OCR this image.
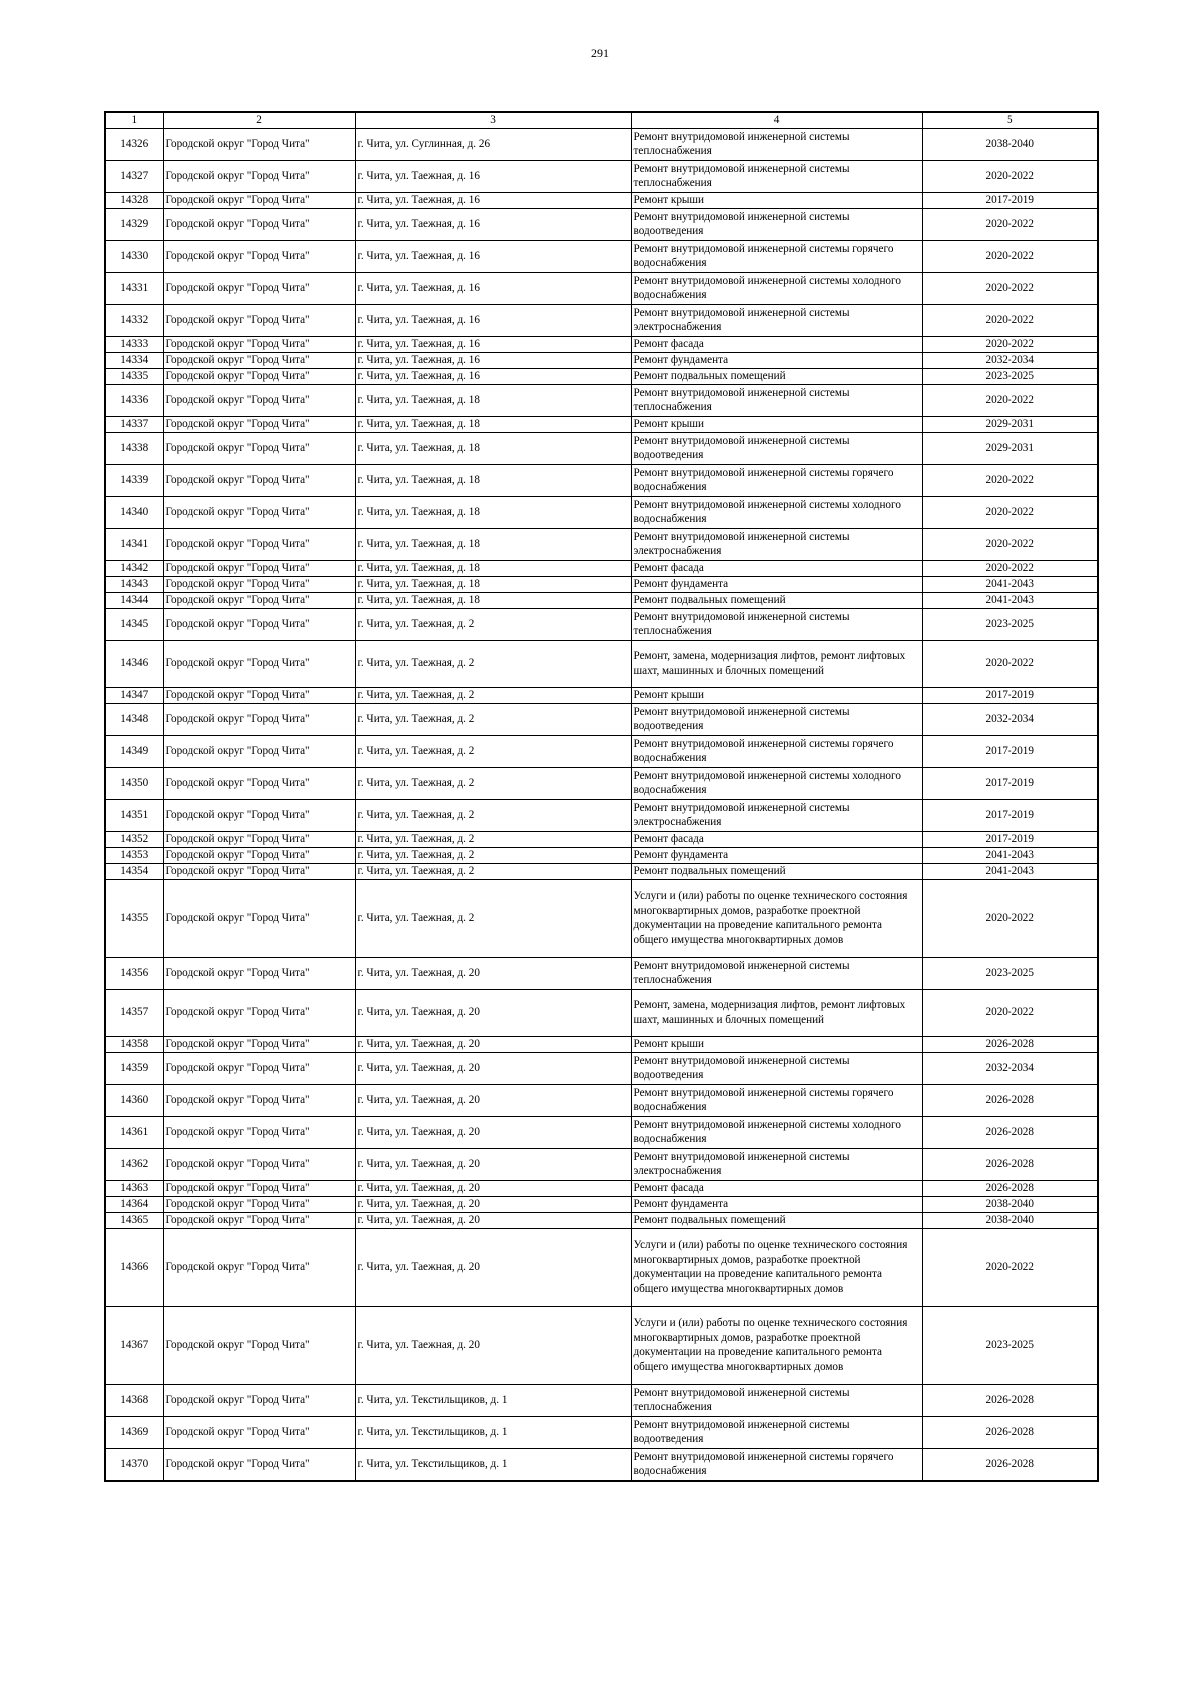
291
1	2	3	4	5
14326	Городской округ "Город Чита"	г. Чита, ул. Суглинная, д. 26	Ремонт внутридомовой инженерной системы теплоснабжения	2038-2040
14327	Городской округ "Город Чита"	г. Чита, ул. Таежная, д. 16	Ремонт внутридомовой инженерной системы теплоснабжения	2020-2022
14328	Городской округ "Город Чита"	г. Чита, ул. Таежная, д. 16	Ремонт крыши	2017-2019
14329	Городской округ "Город Чита"	г. Чита, ул. Таежная, д. 16	Ремонт внутридомовой инженерной системы водоотведения	2020-2022
14330	Городской округ "Город Чита"	г. Чита, ул. Таежная, д. 16	Ремонт внутридомовой инженерной системы горячего водоснабжения	2020-2022
14331	Городской округ "Город Чита"	г. Чита, ул. Таежная, д. 16	Ремонт внутридомовой инженерной системы холодного водоснабжения	2020-2022
14332	Городской округ "Город Чита"	г. Чита, ул. Таежная, д. 16	Ремонт внутридомовой инженерной системы электроснабжения	2020-2022
14333	Городской округ "Город Чита"	г. Чита, ул. Таежная, д. 16	Ремонт фасада	2020-2022
14334	Городской округ "Город Чита"	г. Чита, ул. Таежная, д. 16	Ремонт фундамента	2032-2034
14335	Городской округ "Город Чита"	г. Чита, ул. Таежная, д. 16	Ремонт подвальных помещений	2023-2025
14336	Городской округ "Город Чита"	г. Чита, ул. Таежная, д. 18	Ремонт внутридомовой инженерной системы теплоснабжения	2020-2022
14337	Городской округ "Город Чита"	г. Чита, ул. Таежная, д. 18	Ремонт крыши	2029-2031
14338	Городской округ "Город Чита"	г. Чита, ул. Таежная, д. 18	Ремонт внутридомовой инженерной системы водоотведения	2029-2031
14339	Городской округ "Город Чита"	г. Чита, ул. Таежная, д. 18	Ремонт внутридомовой инженерной системы горячего водоснабжения	2020-2022
14340	Городской округ "Город Чита"	г. Чита, ул. Таежная, д. 18	Ремонт внутридомовой инженерной системы холодного водоснабжения	2020-2022
14341	Городской округ "Город Чита"	г. Чита, ул. Таежная, д. 18	Ремонт внутридомовой инженерной системы электроснабжения	2020-2022
14342	Городской округ "Город Чита"	г. Чита, ул. Таежная, д. 18	Ремонт фасада	2020-2022
14343	Городской округ "Город Чита"	г. Чита, ул. Таежная, д. 18	Ремонт фундамента	2041-2043
14344	Городской округ "Город Чита"	г. Чита, ул. Таежная, д. 18	Ремонт подвальных помещений	2041-2043
14345	Городской округ "Город Чита"	г. Чита, ул. Таежная, д. 2	Ремонт внутридомовой инженерной системы теплоснабжения	2023-2025
14346	Городской округ "Город Чита"	г. Чита, ул. Таежная, д. 2	Ремонт, замена, модернизация лифтов, ремонт лифтовых шахт, машинных и блочных помещений	2020-2022
14347	Городской округ "Город Чита"	г. Чита, ул. Таежная, д. 2	Ремонт крыши	2017-2019
14348	Городской округ "Город Чита"	г. Чита, ул. Таежная, д. 2	Ремонт внутридомовой инженерной системы водоотведения	2032-2034
14349	Городской округ "Город Чита"	г. Чита, ул. Таежная, д. 2	Ремонт внутридомовой инженерной системы горячего водоснабжения	2017-2019
14350	Городской округ "Город Чита"	г. Чита, ул. Таежная, д. 2	Ремонт внутридомовой инженерной системы холодного водоснабжения	2017-2019
14351	Городской округ "Город Чита"	г. Чита, ул. Таежная, д. 2	Ремонт внутридомовой инженерной системы электроснабжения	2017-2019
14352	Городской округ "Город Чита"	г. Чита, ул. Таежная, д. 2	Ремонт фасада	2017-2019
14353	Городской округ "Город Чита"	г. Чита, ул. Таежная, д. 2	Ремонт фундамента	2041-2043
14354	Городской округ "Город Чита"	г. Чита, ул. Таежная, д. 2	Ремонт подвальных помещений	2041-2043
14355	Городской округ "Город Чита"	г. Чита, ул. Таежная, д. 2	Услуги и (или) работы по оценке технического состояния многоквартирных домов, разработке проектной документации на проведение капитального ремонта общего имущества многоквартирных домов	2020-2022
14356	Городской округ "Город Чита"	г. Чита, ул. Таежная, д. 20	Ремонт внутридомовой инженерной системы теплоснабжения	2023-2025
14357	Городской округ "Город Чита"	г. Чита, ул. Таежная, д. 20	Ремонт, замена, модернизация лифтов, ремонт лифтовых шахт, машинных и блочных помещений	2020-2022
14358	Городской округ "Город Чита"	г. Чита, ул. Таежная, д. 20	Ремонт крыши	2026-2028
14359	Городской округ "Город Чита"	г. Чита, ул. Таежная, д. 20	Ремонт внутридомовой инженерной системы водоотведения	2032-2034
14360	Городской округ "Город Чита"	г. Чита, ул. Таежная, д. 20	Ремонт внутридомовой инженерной системы горячего водоснабжения	2026-2028
14361	Городской округ "Город Чита"	г. Чита, ул. Таежная, д. 20	Ремонт внутридомовой инженерной системы холодного водоснабжения	2026-2028
14362	Городской округ "Город Чита"	г. Чита, ул. Таежная, д. 20	Ремонт внутридомовой инженерной системы электроснабжения	2026-2028
14363	Городской округ "Город Чита"	г. Чита, ул. Таежная, д. 20	Ремонт фасада	2026-2028
14364	Городской округ "Город Чита"	г. Чита, ул. Таежная, д. 20	Ремонт фундамента	2038-2040
14365	Городской округ "Город Чита"	г. Чита, ул. Таежная, д. 20	Ремонт подвальных помещений	2038-2040
14366	Городской округ "Город Чита"	г. Чита, ул. Таежная, д. 20	Услуги и (или) работы по оценке технического состояния многоквартирных домов, разработке проектной документации на проведение капитального ремонта общего имущества многоквартирных домов	2020-2022
14367	Городской округ "Город Чита"	г. Чита, ул. Таежная, д. 20	Услуги и (или) работы по оценке технического состояния многоквартирных домов, разработке проектной документации на проведение капитального ремонта общего имущества многоквартирных домов	2023-2025
14368	Городской округ "Город Чита"	г. Чита, ул. Текстильщиков, д. 1	Ремонт внутридомовой инженерной системы теплоснабжения	2026-2028
14369	Городской округ "Город Чита"	г. Чита, ул. Текстильщиков, д. 1	Ремонт внутридомовой инженерной системы водоотведения	2026-2028
14370	Городской округ "Город Чита"	г. Чита, ул. Текстильщиков, д. 1	Ремонт внутридомовой инженерной системы горячего водоснабжения	2026-2028
